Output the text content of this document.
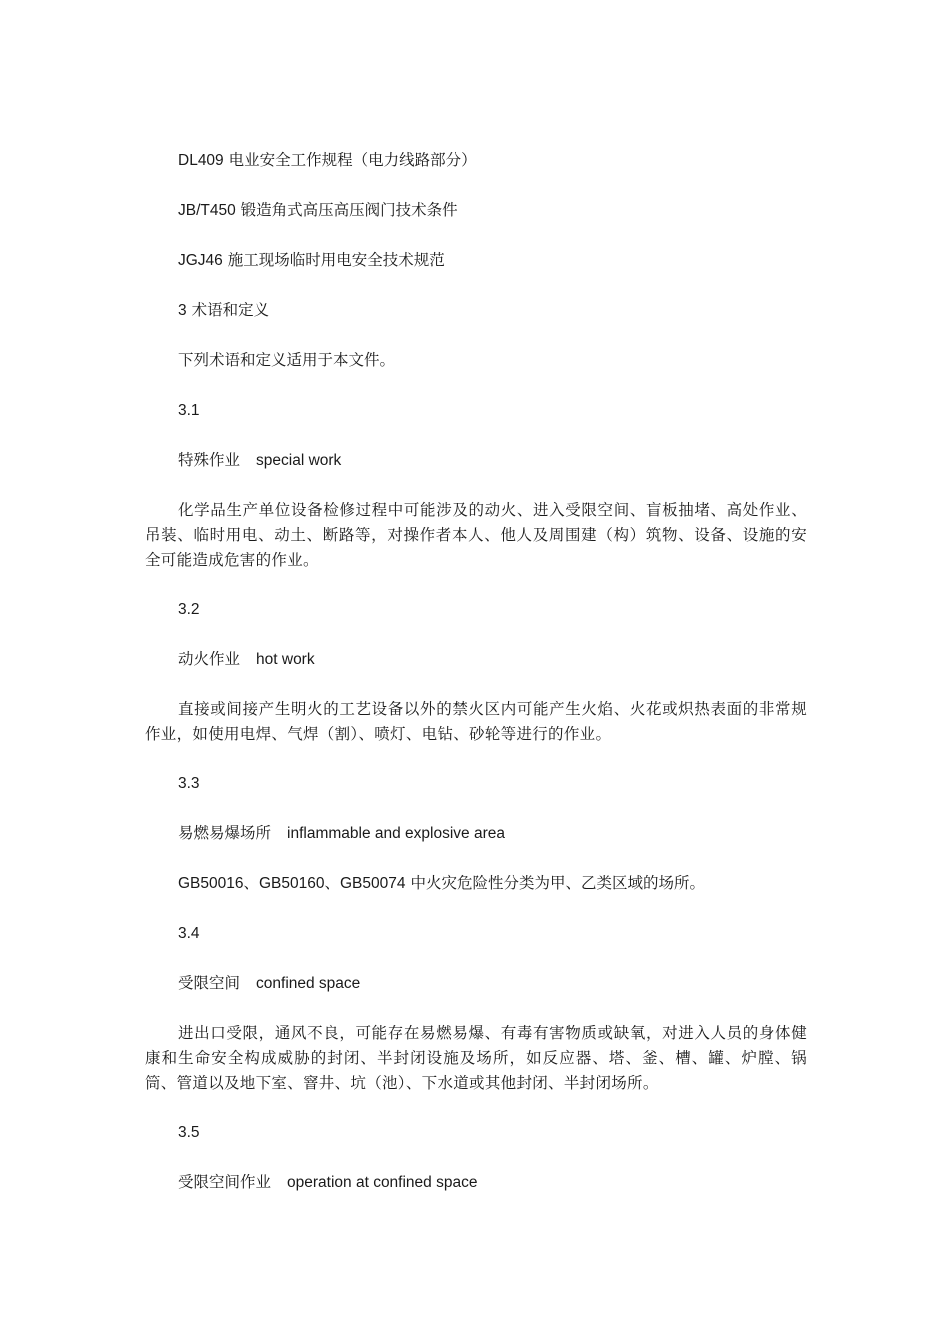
DL409 电业安全工作规程（电力线路部分）

JB/T450 锻造角式高压高压阀门技术条件

JGJ46 施工现场临时用电安全技术规范

3 术语和定义

下列术语和定义适用于本文件。

3.1

特殊作业 special work

化学品生产单位设备检修过程中可能涉及的动火、进入受限空间、盲板抽堵、高处作业、吊装、临时用电、动土、断路等，对操作者本人、他人及周围建（构）筑物、设备、设施的安全可能造成危害的作业。

3.2

动火作业 hot work

直接或间接产生明火的工艺设备以外的禁火区内可能产生火焰、火花或炽热表面的非常规作业，如使用电焊、气焊（割）、喷灯、电钻、砂轮等进行的作业。

3.3

易燃易爆场所 inflammable and explosive area

GB50016、GB50160、GB50074 中火灾危险性分类为甲、乙类区域的场所。

3.4

受限空间 confined space

进出口受限，通风不良，可能存在易燃易爆、有毒有害物质或缺氧，对进入人员的身体健康和生命安全构成威胁的封闭、半封闭设施及场所，如反应器、塔、釜、槽、罐、炉膛、锅筒、管道以及地下室、窨井、坑（池）、下水道或其他封闭、半封闭场所。

3.5

受限空间作业 operation at confined space
